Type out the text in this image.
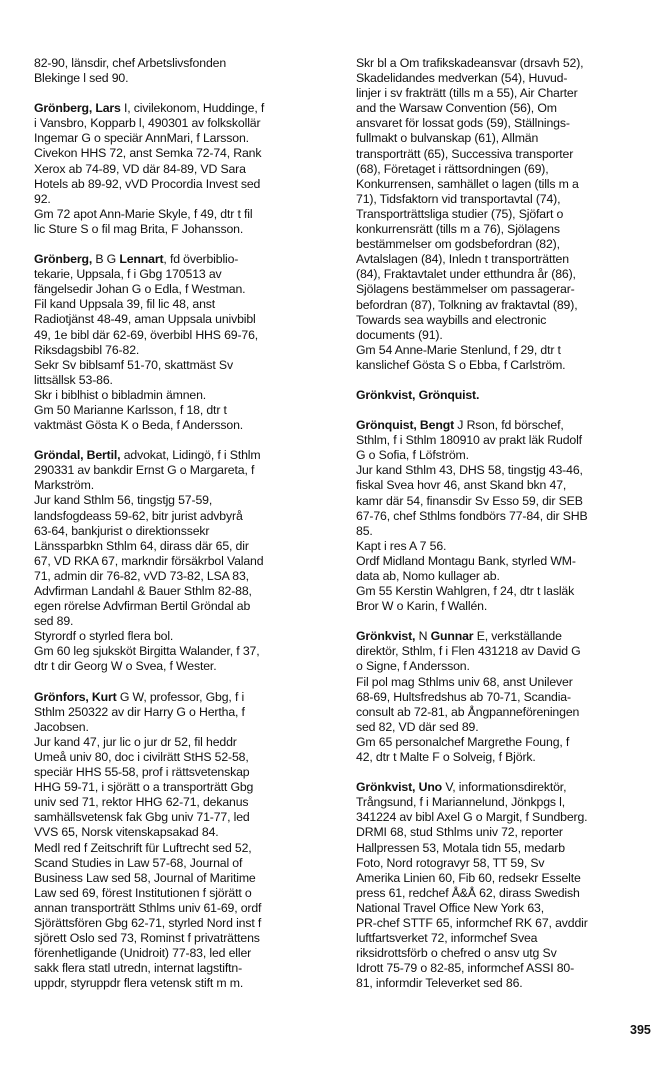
82-90, länsdir, chef Arbetslivsfonden
Blekinge l sed 90.
Grönberg, Lars I, civilekonom, Huddinge, f
i Vansbro, Kopparb l, 490301 av folkskollär
Ingemar G o speciär AnnMari, f Larsson.
Civekon HHS 72, anst Semka 72-74, Rank
Xerox ab 74-89, VD där 84-89, VD Sara
Hotels ab 89-92, vVD Procordia Invest sed
92.
Gm 72 apot Ann-Marie Skyle, f 49, dtr t fil
lic Sture S o fil mag Brita, F Johansson.
Grönberg, B G Lennart, fd överbiblio-
tekarie, Uppsala, f i Gbg 170513 av
fängelsedir Johan G o Edla, f Westman.
Fil kand Uppsala 39, fil lic 48, anst
Radiotjänst 48-49, aman Uppsala univbibl
49, 1e bibl där 62-69, överbibl HHS 69-76,
Riksdagsbibl 76-82.
Sekr Sv biblsamf 51-70, skattmäst Sv
littsällsk 53-86.
Skr i biblhist o bibladmin ämnen.
Gm 50 Marianne Karlsson, f 18, dtr t
vaktmäst Gösta K o Beda, f Andersson.
Gröndal, Bertil, advokat, Lidingö, f i Sthlm
290331 av bankdir Ernst G o Margareta, f
Markström.
Jur kand Sthlm 56, tingstjg 57-59,
landsfogdeass 59-62, bitr jurist advbyrå
63-64, bankjurist o direktionssekr
Länssparbkn Sthlm 64, dirass där 65, dir
67, VD RKA 67, markndir försäkrbol Valand
71, admin dir 76-82, vVD 73-82, LSA 83,
Advfirman Landahl & Bauer Sthlm 82-88,
egen rörelse Advfirman Bertil Gröndal ab
sed 89.
Styrordf o styrled flera bol.
Gm 60 leg sjuksköt Birgitta Walander, f 37,
dtr t dir Georg W o Svea, f Wester.
Grönfors, Kurt G W, professor, Gbg, f i
Sthlm 250322 av dir Harry G o Hertha, f
Jacobsen.
Jur kand 47, jur lic o jur dr 52, fil heddr
Umeå univ 80, doc i civilrätt StHS 52-58,
speciär HHS 55-58, prof i rättsvetenskap
HHG 59-71, i sjörätt o a transporträtt Gbg
univ sed 71, rektor HHG 62-71, dekanus
samhällsvetensk fak Gbg univ 71-77, led
VVS 65, Norsk vitenskapsakad 84.
Medl red f Zeitschrift für Luftrecht sed 52,
Scand Studies in Law 57-68, Journal of
Business Law sed 58, Journal of Maritime
Law sed 69, förest Institutionen f sjörätt o
annan transporträtt Sthlms univ 61-69, ordf
Sjörättsfören Gbg 62-71, styrled Nord inst f
sjörett Oslo sed 73, Rominst f privaträttens
förenhetligande (Unidroit) 77-83, led eller
sakk flera statl utredn, internat lagstiftn-
uppdr, styruppdr flera vetensk stift m m.
Skr bl a Om trafikskadeansvar (drsavh 52),
Skadelidandes medverkan (54), Huvud-
linjer i sv frakträtt (tills m a 55), Air Charter
and the Warsaw Convention (56), Om
ansvaret för lossat gods (59), Ställnings-
fullmakt o bulvanskap (61), Allmän
transporträtt (65), Successiva transporter
(68), Företaget i rättsordningen (69),
Konkurrensen, samhället o lagen (tills m a
71), Tidsfaktorn vid transportavtal (74),
Transporträttsliga studier (75), Sjöfart o
konkurrensrätt (tills m a 76), Sjölagens
bestämmelser om godsbefordran (82),
Avtalslagen (84), Inledn t transporträtten
(84), Fraktavtalet under etthundra år (86),
Sjölagens bestämmelser om passagerar-
befordran (87), Tolkning av fraktavtal (89),
Towards sea waybills and electronic
documents (91).
Gm 54 Anne-Marie Stenlund, f 29, dtr t
kanslichef Gösta S o Ebba, f Carlström.
Grönkvist, Grönquist.
Grönquist, Bengt J Rson, fd börschef,
Sthlm, f i Sthlm 180910 av prakt läk Rudolf
G o Sofia, f Löfström.
Jur kand Sthlm 43, DHS 58, tingstjg 43-46,
fiskal Svea hovr 46, anst Skand bkn 47,
kamr där 54, finansdir Sv Esso 59, dir SEB
67-76, chef Sthlms fondbörs 77-84, dir SHB
85.
Kapt i res A 7 56.
Ordf Midland Montagu Bank, styrled WM-
data ab, Nomo kullager ab.
Gm 55 Kerstin Wahlgren, f 24, dtr t lasläk
Bror W o Karin, f Wallén.
Grönkvist, N Gunnar E, verkställande
direktör, Sthlm, f i Flen 431218 av David G
o Signe, f Andersson.
Fil pol mag Sthlms univ 68, anst Unilever
68-69, Hultsfredshus ab 70-71, Scandia-
consult ab 72-81, ab Ångpanneföreningen
sed 82, VD där sed 89.
Gm 65 personalchef Margrethe Foung, f
42, dtr t Malte F o Solveig, f Björk.
Grönkvist, Uno V, informationsdirektör,
Trångsund, f i Mariannelund, Jönkpgs l,
341224 av bibl Axel G o Margit, f Sundberg.
DRMI 68, stud Sthlms univ 72, reporter
Hallpressen 53, Motala tidn 55, medarb
Foto, Nord rotogravyr 58, TT 59, Sv
Amerika Linien 60, Fib 60, redsekr Esselte
press 61, redchef Å&Å 62, dirass Swedish
National Travel Office New York 63,
PR-chef STTF 65, informchef RK 67, avddir
luftfartsverket 72, informchef Svea
riksidrottsförb o chefred o ansv utg Sv
Idrott 75-79 o 82-85, informchef ASSI 80-
81, informdir Televerket sed 86.
395
